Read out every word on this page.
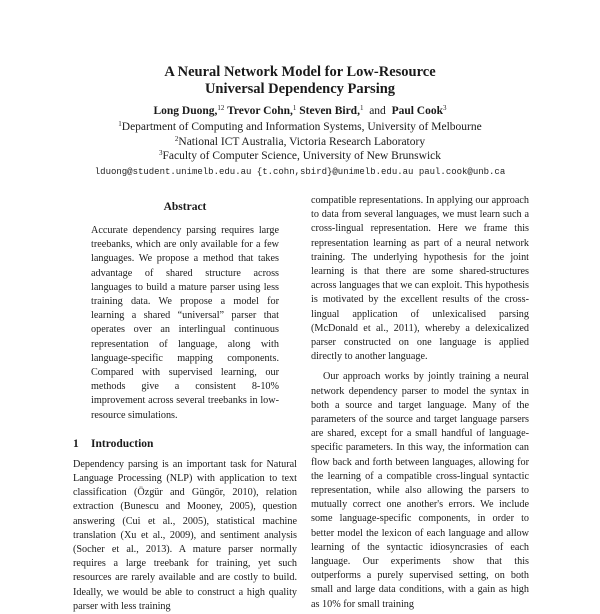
A Neural Network Model for Low-Resource
Universal Dependency Parsing
Long Duong,$^{12}$ Trevor Cohn,$^1$ Steven Bird,$^1$ and Paul Cook$^3$
$^1$Department of Computing and Information Systems, University of Melbourne
$^2$National ICT Australia, Victoria Research Laboratory
$^3$Faculty of Computer Science, University of New Brunswick
lduong@student.unimelb.edu.au {t.cohn,sbird}@unimelb.edu.au paul.cook@unb.ca
Abstract
Accurate dependency parsing requires large treebanks, which are only available for a few languages. We propose a method that takes advantage of shared structure across languages to build a mature parser using less training data. We propose a model for learning a shared “universal” parser that operates over an interlingual continuous representation of language, along with language-specific mapping components. Compared with supervised learning, our methods give a consistent 8-10% improvement across several treebanks in low-resource simulations.
1 Introduction
Dependency parsing is an important task for Natural Language Processing (NLP) with application to text classification (Özgür and Güngör, 2010), relation extraction (Bunescu and Mooney, 2005), question answering (Cui et al., 2005), statistical machine translation (Xu et al., 2009), and sentiment analysis (Socher et al., 2013). A mature parser normally requires a large treebank for training, yet such resources are rarely available and are costly to build. Ideally, we would be able to construct a high quality parser with less training
compatible representations. In applying our approach to data from several languages, we must learn such a cross-lingual representation. Here we frame this representation learning as part of a neural network training. The underlying hypothesis for the joint learning is that there are some shared-structures across languages that we can exploit. This hypothesis is motivated by the excellent results of the cross-lingual application of unlexicalised parsing (McDonald et al., 2011), whereby a delexicalized parser constructed on one language is applied directly to another language.
Our approach works by jointly training a neural network dependency parser to model the syntax in both a source and target language. Many of the parameters of the source and target language parsers are shared, except for a small handful of language-specific parameters. In this way, the information can flow back and forth between languages, allowing for the learning of a compatible cross-lingual syntactic representation, while also allowing the parsers to mutually correct one another's errors. We include some language-specific components, in order to better model the lexicon of each language and allow learning of the syntactic idiosyncrasies of each language. Our experiments show that this outperforms a purely supervised setting, on both small and large data conditions, with a gain as high as 10% for small training
